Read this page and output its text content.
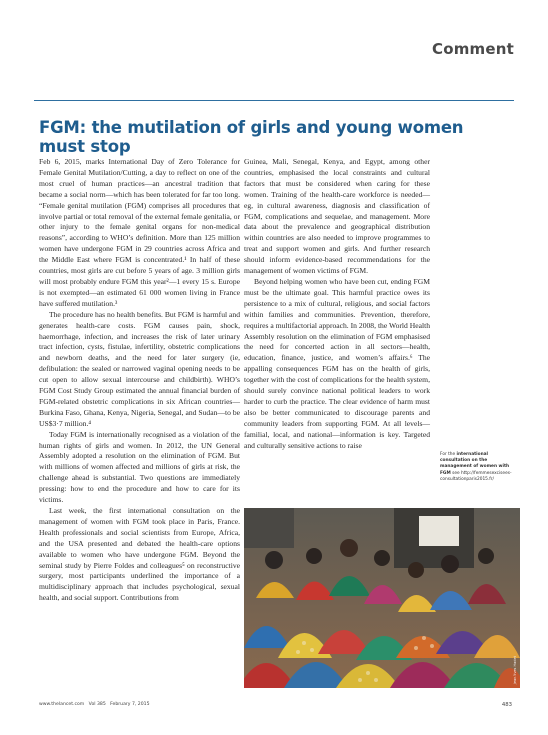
Comment
FGM: the mutilation of girls and young women must stop

Feb 6, 2015, marks International Day of Zero Tolerance for Female Genital Mutilation/Cutting, a day to reflect on one of the most cruel of human practices—an ancestral tradition that became a social norm—which has been tolerated for far too long. “Female genital mutilation (FGM) comprises all procedures that involve partial or total removal of the external female genitalia, or other injury to the female genital organs for non-medical reasons”, according to WHO’s definition. More than 125 million women have undergone FGM in 29 countries across Africa and the Middle East where FGM is concentrated.¹ In half of these countries, most girls are cut before 5 years of age. 3 million girls will most probably endure FGM this year²—1 every 15 s. Europe is not exempted—an estimated 61 000 women living in France have suffered mutilation.³

The procedure has no health benefits. But FGM is harmful and generates health-care costs. FGM causes pain, shock, haemorrhage, infection, and increases the risk of later urinary tract infection, cysts, fistulae, infertility, obstetric complications and newborn deaths, and the need for later surgery (ie, defibulation: the sealed or narrowed vaginal opening needs to be cut open to allow sexual intercourse and childbirth). WHO’s FGM Cost Study Group estimated the annual financial burden of FGM-related obstetric complications in six African countries—Burkina Faso, Ghana, Kenya, Nigeria, Senegal, and Sudan—to be US$3·7 million.⁴

Today FGM is internationally recognised as a violation of the human rights of girls and women. In 2012, the UN General Assembly adopted a resolution on the elimination of FGM. But with millions of women affected and millions of girls at risk, the challenge ahead is substantial. Two questions are immediately pressing: how to end the procedure and how to care for its victims.

Last week, the first international consultation on the management of women with FGM took place in Paris, France. Health professionals and social scientists from Europe, Africa, and the USA presented and debated the health-care options available to women who have undergone FGM. Beyond the seminal study by Pierre Foldes and colleagues⁵ on reconstructive surgery, most participants underlined the importance of a multidisciplinary approach that includes psychological, sexual health, and social support. Contributions from

Guinea, Mali, Senegal, Kenya, and Egypt, among other countries, emphasised the local constraints and cultural factors that must be considered when caring for these women. Training of the health-care workforce is needed—eg, in cultural awareness, diagnosis and classification of FGM, complications and sequelae, and management. More data about the prevalence and geographical distribution within countries are also needed to improve programmes to treat and support women and girls. And further research should inform evidence-based recommendations for the management of women victims of FGM.

Beyond helping women who have been cut, ending FGM must be the ultimate goal. This harmful practice owes its persistence to a mix of cultural, religious, and social factors within families and communities. Prevention, therefore, requires a multifactorial approach. In 2008, the World Health Assembly resolution on the elimination of FGM emphasised the need for concerted action in all sectors—health, education, finance, justice, and women’s affairs.⁶ The appalling consequences FGM has on the health of girls, together with the cost of complications for the health system, should surely convince national political leaders to work harder to curb the practice. The clear evidence of harm must also be better communicated to discourage parents and community leaders from supporting FGM. At all levels—familial, local, and national—information is key. Targeted and culturally sensitive actions to raise

For the international consultation on the management of women with FGM see http://femmesexcisees-consultationparis2015.fr/
Jean-Yves Hadet
www.thelancet.com   Vol 385   February 7, 2015	483
